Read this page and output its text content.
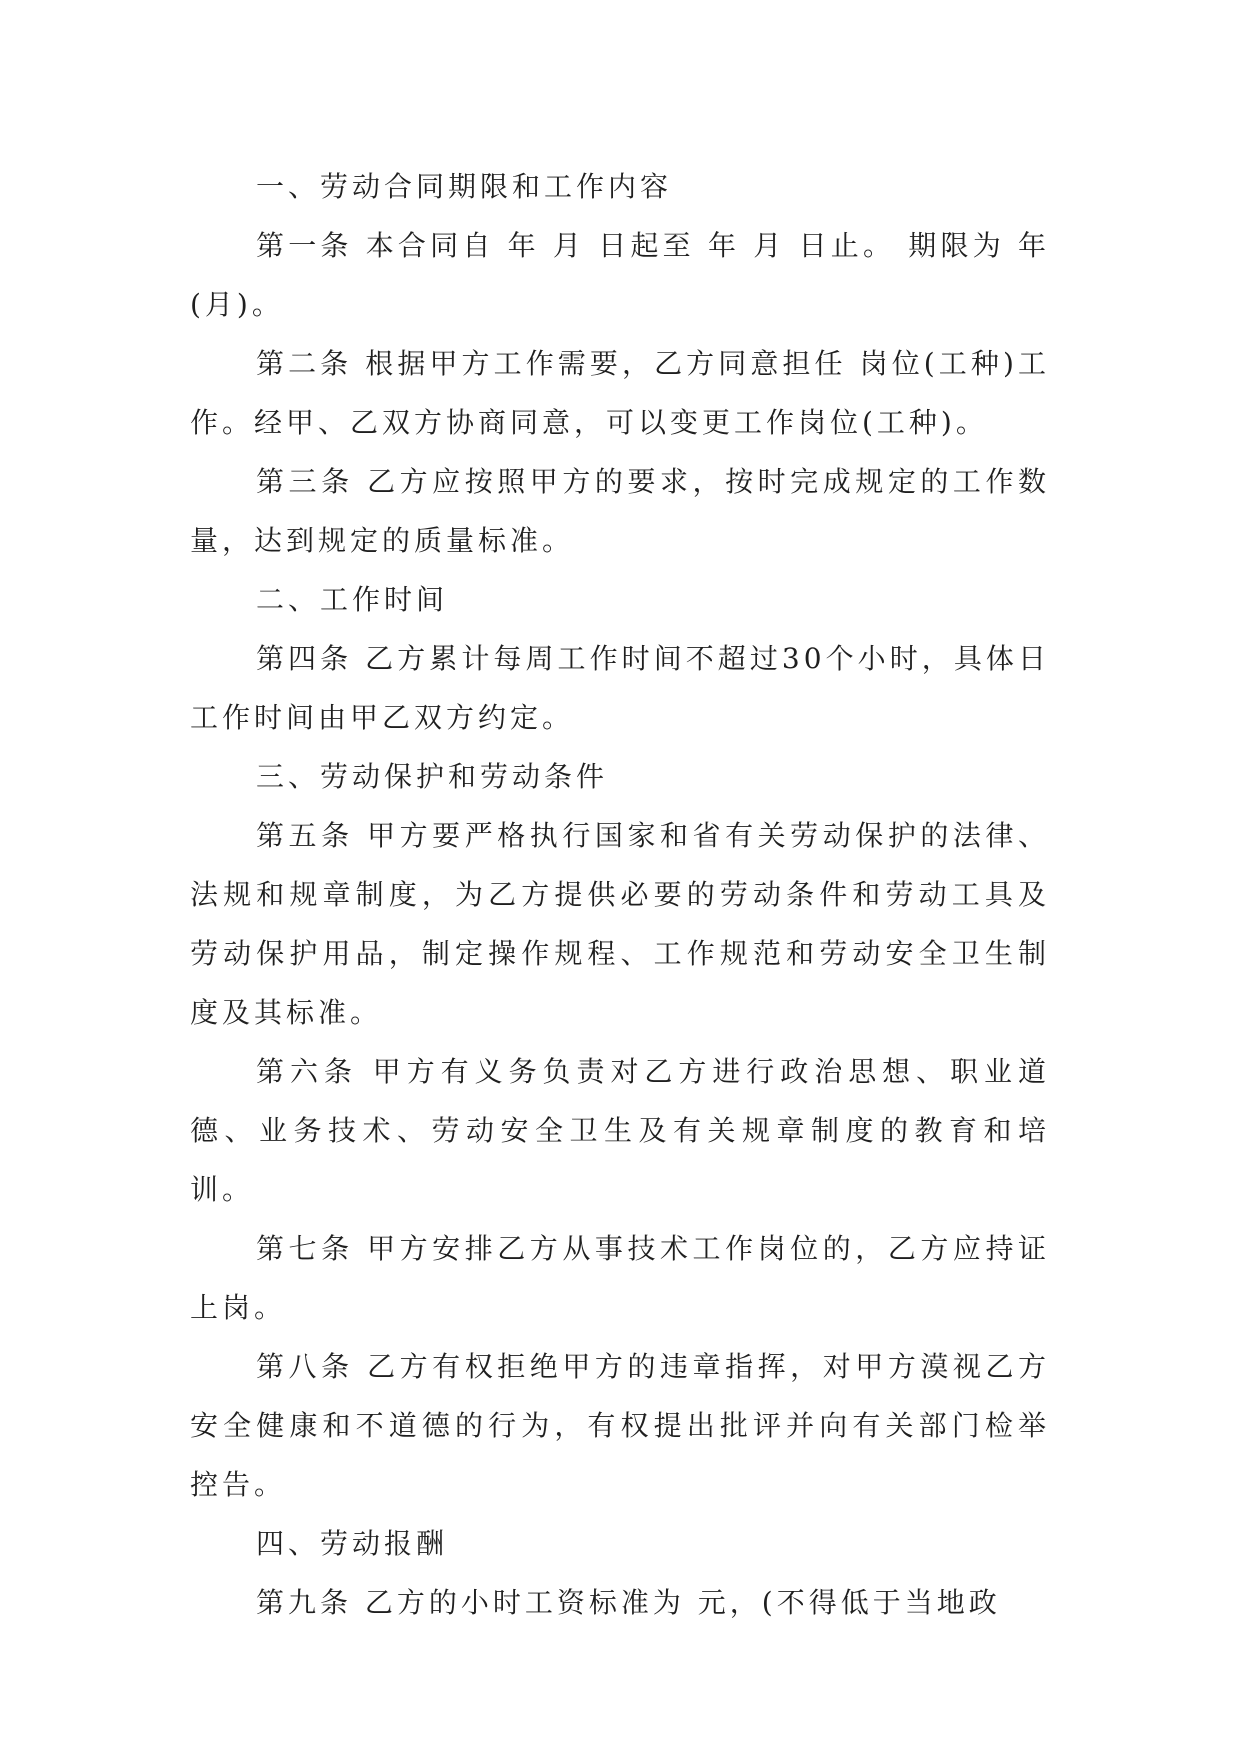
一、劳动合同期限和工作内容

第一条 本合同自 年 月 日起至 年 月 日止。 期限为 年(月)。

第二条 根据甲方工作需要，乙方同意担任 岗位(工种)工作。经甲、乙双方协商同意，可以变更工作岗位(工种)。

第三条 乙方应按照甲方的要求，按时完成规定的工作数量，达到规定的质量标准。

二、工作时间

第四条 乙方累计每周工作时间不超过30个小时，具体日工作时间由甲乙双方约定。

三、劳动保护和劳动条件

第五条 甲方要严格执行国家和省有关劳动保护的法律、法规和规章制度，为乙方提供必要的劳动条件和劳动工具及劳动保护用品，制定操作规程、工作规范和劳动安全卫生制度及其标准。

第六条 甲方有义务负责对乙方进行政治思想、职业道德、业务技术、劳动安全卫生及有关规章制度的教育和培训。

第七条 甲方安排乙方从事技术工作岗位的，乙方应持证上岗。

第八条 乙方有权拒绝甲方的违章指挥，对甲方漠视乙方安全健康和不道德的行为，有权提出批评并向有关部门检举控告。

四、劳动报酬

第九条 乙方的小时工资标准为 元，(不得低于当地政
